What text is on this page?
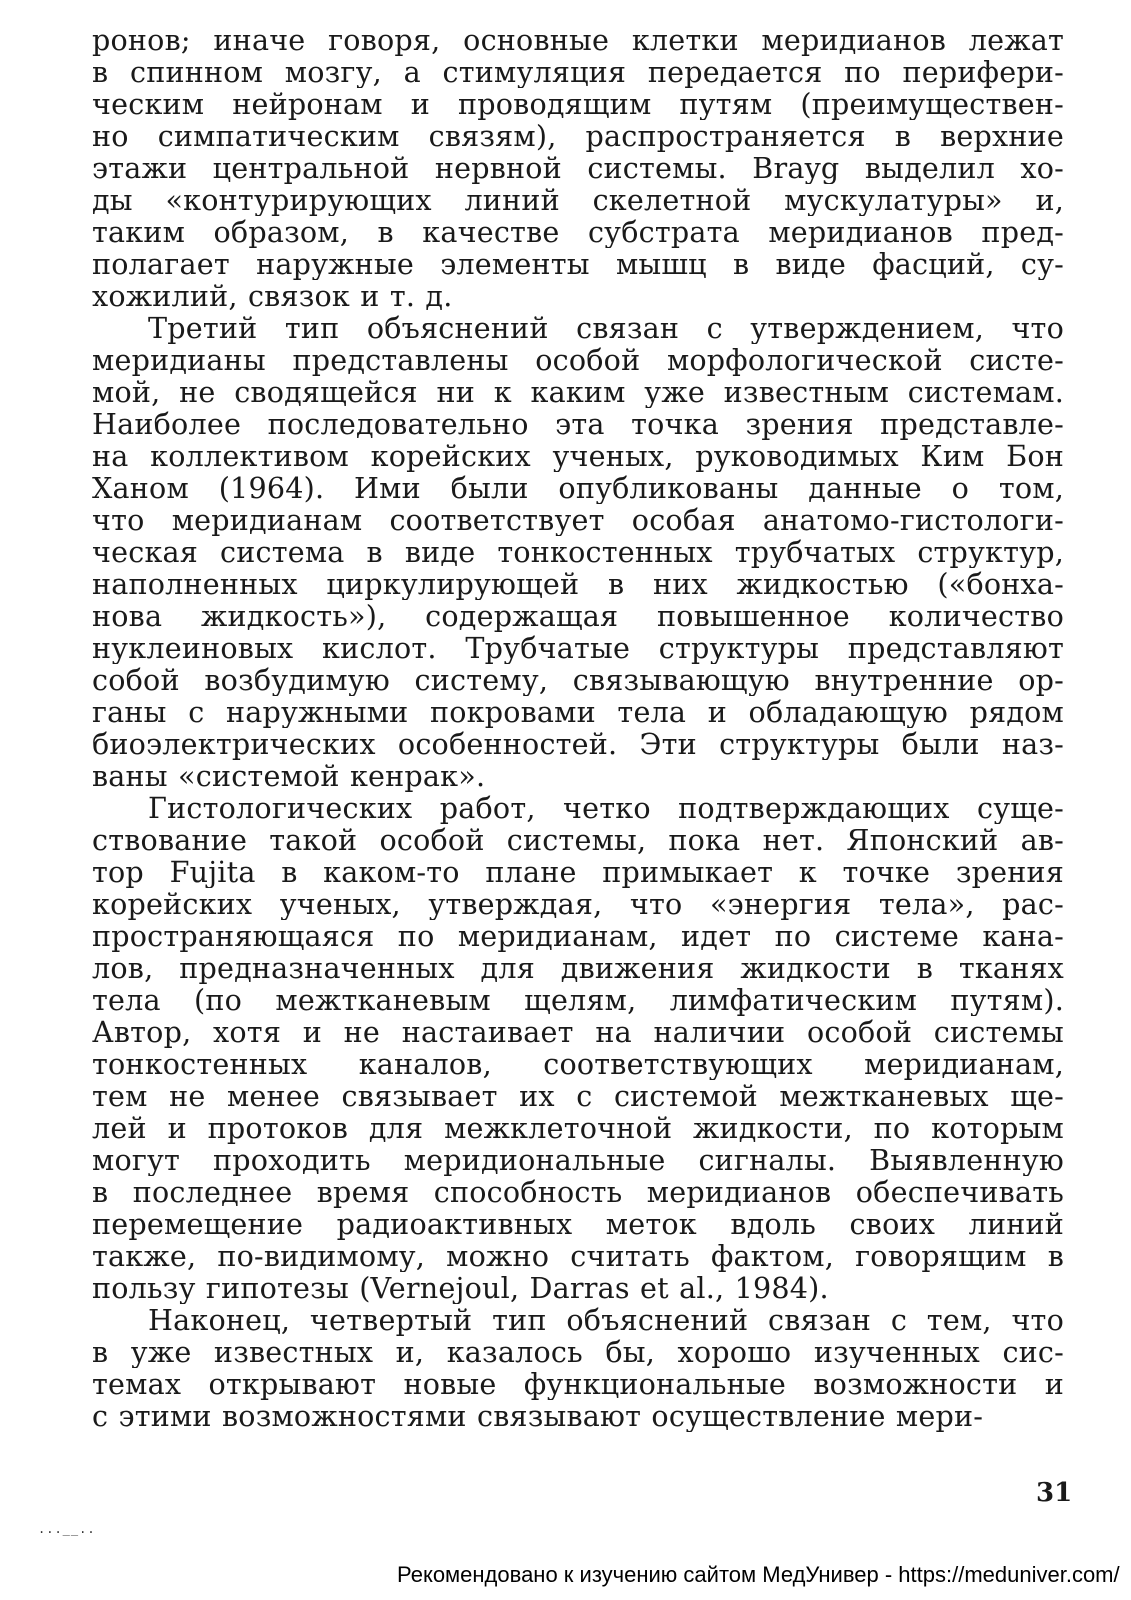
ронов; иначе говоря, основные клетки меридианов лежат
в спинном мозгу, а стимуляция передается по перифери-
ческим нейронам и проводящим путям (преимуществен-
но симпатическим связям), распространяется в верхние
этажи центральной нервной системы. Brayg выделил хо-
ды «контурирующих линий скелетной мускулатуры» и,
таким образом, в качестве субстрата меридианов пред-
полагает наружные элементы мышц в виде фасций, су-
хожилий, связок и т. д.
Третий тип объяснений связан с утверждением, что
меридианы представлены особой морфологической систе-
мой, не сводящейся ни к каким уже известным системам.
Наиболее последовательно эта точка зрения представле-
на коллективом корейских ученых, руководимых Ким Бон
Ханом (1964). Ими были опубликованы данные о том,
что меридианам соответствует особая анатомо-гистологи-
ческая система в виде тонкостенных трубчатых структур,
наполненных циркулирующей в них жидкостью («бонха-
нова жидкость»), содержащая повышенное количество
нуклеиновых кислот. Трубчатые структуры представляют
собой возбудимую систему, связывающую внутренние ор-
ганы с наружными покровами тела и обладающую рядом
биоэлектрических особенностей. Эти структуры были наз-
ваны «системой кенрак».
Гистологических работ, четко подтверждающих суще-
ствование такой особой системы, пока нет. Японский ав-
тор Fujita в каком-то плане примыкает к точке зрения
корейских ученых, утверждая, что «энергия тела», рас-
пространяющаяся по меридианам, идет по системе кана-
лов, предназначенных для движения жидкости в тканях
тела (по межтканевым щелям, лимфатическим путям).
Автор, хотя и не настаивает на наличии особой системы
тонкостенных каналов, соответствующих меридианам,
тем не менее связывает их с системой межтканевых ще-
лей и протоков для межклеточной жидкости, по которым
могут проходить меридиональные сигналы. Выявленную
в последнее время способность меридианов обеспечивать
перемещение радиоактивных меток вдоль своих линий
также, по-видимому, можно считать фактом, говорящим в
пользу гипотезы (Vernejoul, Darras et al., 1984).
Наконец, четвертый тип объяснений связан с тем, что
в уже известных и, казалось бы, хорошо изученных сис-
темах открывают новые функциональные возможности и
с этими возможностями связывают осуществление мери-
31
...__..
Рекомендовано к изучению сайтом МедУнивер - https://meduniver.com/
